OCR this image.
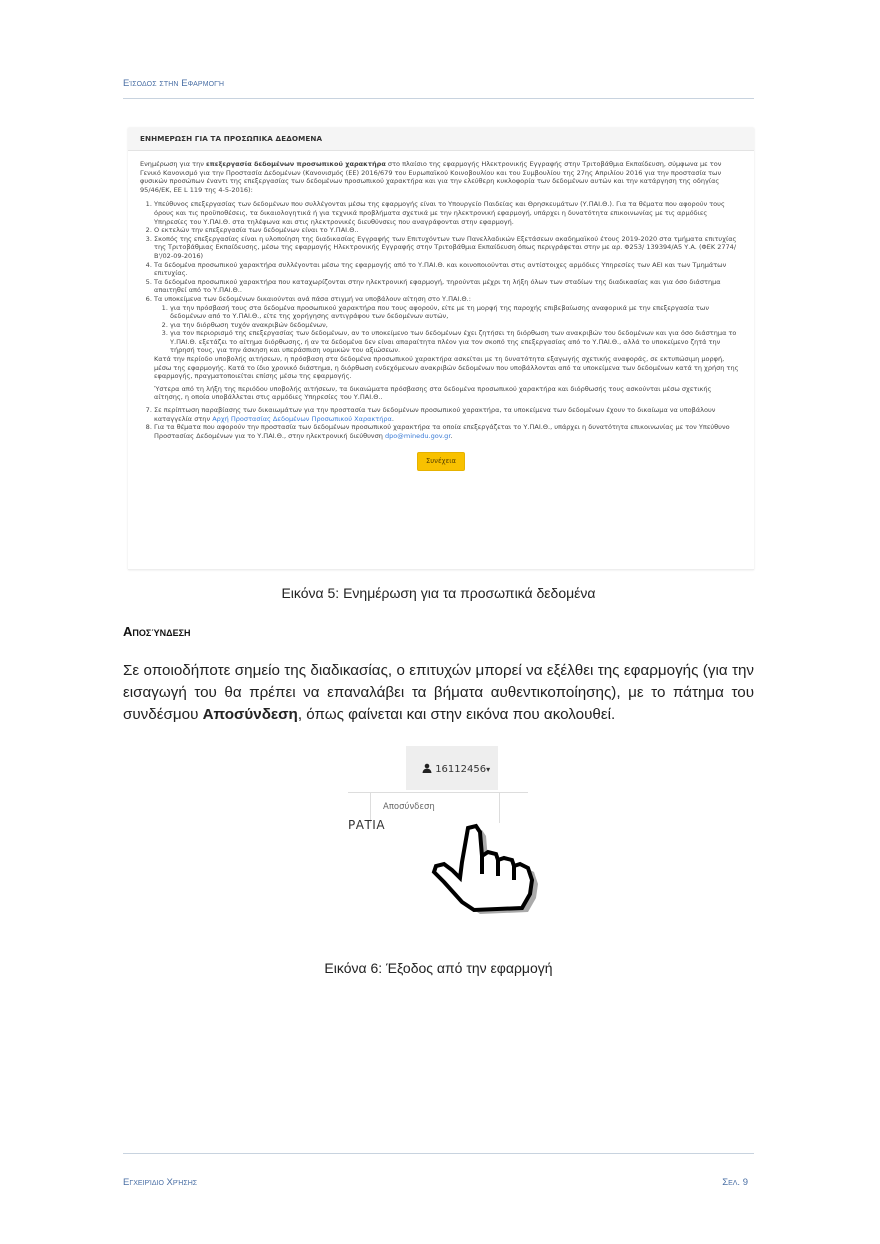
Είσοδος στην Εφαρμογή
ΕΝΗΜΕΡΩΣΗ ΓΙΑ ΤΑ ΠΡΟΣΩΠΙΚΑ ΔΕΔΟΜΕΝΑ

Ενημέρωση για την επεξεργασία δεδομένων προσωπικού χαρακτήρα στο πλαίσιο της εφαρμογής Ηλεκτρονικής Εγγραφής στην Τριτοβάθμια Εκπαίδευση, σύμφωνα με τον Γενικό Κανονισμό για την Προστασία Δεδομένων (Κανονισμός (ΕΕ) 2016/679 του Ευρωπαϊκού Κοινοβουλίου και του Συμβουλίου της 27ης Απριλίου 2016 για την προστασία των φυσικών προσώπων έναντι της επεξεργασίας των δεδομένων προσωπικού χαρακτήρα και για την ελεύθερη κυκλοφορία των δεδομένων αυτών και την κατάργηση της οδηγίας 95/46/ΕΚ, ΕΕ L 119 της 4-5-2016):

1. Υπεύθυνος επεξεργασίας των δεδομένων που συλλέγονται μέσω της εφαρμογής είναι το Υπουργείο Παιδείας και Θρησκευμάτων (Υ.ΠΑΙ.Θ.). Για τα θέματα που αφορούν τους όρους και τις προϋποθέσεις, τα δικαιολογητικά ή για τεχνικά προβλήματα σχετικά με την ηλεκτρονική εφαρμογή, υπάρχει η δυνατότητα επικοινωνίας με τις αρμόδιες Υπηρεσίες του Υ.ΠΑΙ.Θ. στα τηλέφωνα και στις ηλεκτρονικές διευθύνσεις που αναγράφονται στην εφαρμογή.
2. Ο εκτελών την επεξεργασία των δεδομένων είναι το Υ.ΠΑΙ.Θ..
3. Σκοπός της επεξεργασίας είναι η υλοποίηση της διαδικασίας Εγγραφής των Επιτυχόντων των Πανελλαδικών Εξετάσεων ακαδημαϊκού έτους 2019-2020 στα τμήματα επιτυχίας της Τριτοβάθμιας Εκπαίδευσης, μέσω της εφαρμογής Ηλεκτρονικής Εγγραφής στην Τριτοβάθμια Εκπαίδευση όπως περιγράφεται στην με αρ. Φ253/ 139394/Α5 Υ.Α. (ΦΕΚ 2774/Β'/02-09-2016)
4. Τα δεδομένα προσωπικού χαρακτήρα συλλέγονται μέσω της εφαρμογής από το Υ.ΠΑΙ.Θ. και κοινοποιούνται στις αντίστοιχες αρμόδιες Υπηρεσίες των ΑΕΙ και των Τμημάτων επιτυχίας.
5. Τα δεδομένα προσωπικού χαρακτήρα που καταχωρίζονται στην ηλεκτρονική εφαρμογή, τηρούνται μέχρι τη λήξη όλων των σταδίων της διαδικασίας και για όσο διάστημα απαιτηθεί από το Υ.ΠΑΙ.Θ..
6. Τα υποκείμενα των δεδομένων δικαιούνται ανά πάσα στιγμή να υποβάλουν αίτηση στο Υ.ΠΑΙ.Θ.:
1. για την πρόσβασή τους στα δεδομένα προσωπικού χαρακτήρα που τους αφορούν, είτε με τη μορφή της παροχής επιβεβαίωσης αναφορικά με την επεξεργασία των δεδομένων από το Υ.ΠΑΙ.Θ., είτε της χορήγησης αντιγράφου των δεδομένων αυτών,
2. για την διόρθωση τυχόν ανακριβών δεδομένων,
3. για τον περιορισμό της επεξεργασίας των δεδομένων, αν το υποκείμενο των δεδομένων έχει ζητήσει τη διόρθωση των ανακριβών του δεδομένων και για όσο διάστημα το Υ.ΠΑΙ.Θ. εξετάζει το αίτημα διόρθωσης, ή αν τα δεδομένα δεν είναι απαραίτητα πλέον για τον σκοπό της επεξεργασίας από το Υ.ΠΑΙ.Θ., αλλά το υποκείμενο ζητά την τήρησή τους, για την άσκηση και υπεράσπιση νομικών του αξιώσεων.

Κατά την περίοδο υποβολής αιτήσεων, η πρόσβαση στα δεδομένα προσωπικού χαρακτήρα ασκείται με τη δυνατότητα εξαγωγής σχετικής αναφοράς, σε εκτυπώσιμη μορφή, μέσω της εφαρμογής. Κατά το ίδιο χρονικό διάστημα, η διόρθωση ενδεχόμενων ανακριβών δεδομένων που υποβάλλονται από τα υποκείμενα των δεδομένων κατά τη χρήση της εφαρμογής, πραγματοποιείται επίσης μέσω της εφαρμογής.

Ύστερα από τη λήξη της περιόδου υποβολής αιτήσεων, τα δικαιώματα πρόσβασης στα δεδομένα προσωπικού χαρακτήρα και διόρθωσής τους ασκούνται μέσω σχετικής αίτησης, η οποία υποβάλλεται στις αρμόδιες Υπηρεσίες του Υ.ΠΑΙ.Θ..

7. Σε περίπτωση παραβίασης των δικαιωμάτων για την προστασία των δεδομένων προσωπικού χαρακτήρα, τα υποκείμενα των δεδομένων έχουν το δικαίωμα να υποβάλουν καταγγελία στην Αρχή Προστασίας Δεδομένων Προσωπικού Χαρακτήρα.
8. Για τα θέματα που αφορούν την προστασία των δεδομένων προσωπικού χαρακτήρα τα οποία επεξεργάζεται το Υ.ΠΑΙ.Θ., υπάρχει η δυνατότητα επικοινωνίας με τον Υπεύθυνο Προστασίας Δεδομένων για το Υ.ΠΑΙ.Θ., στην ηλεκτρονική διεύθυνση dpo@minedu.gov.gr.
Συνέχεια
Εικόνα 5: Ενημέρωση για τα προσωπικά δεδομένα
Αποσύνδεση
Σε οποιοδήποτε σημείο της διαδικασίας, ο επιτυχών μπορεί να εξέλθει της εφαρμογής (για την εισαγωγή του θα πρέπει να επαναλάβει τα βήματα αυθεντικοποίησης), με το πάτημα του συνδέσμου Αποσύνδεση, όπως φαίνεται και στην εικόνα που ακολουθεί.
16112456▾
Αποσύνδεση
ΡΑΤΙΑ
Εικόνα 6: Έξοδος από την εφαρμογή
Εγχειρίδιο Χρήσης	Σελ. 9
